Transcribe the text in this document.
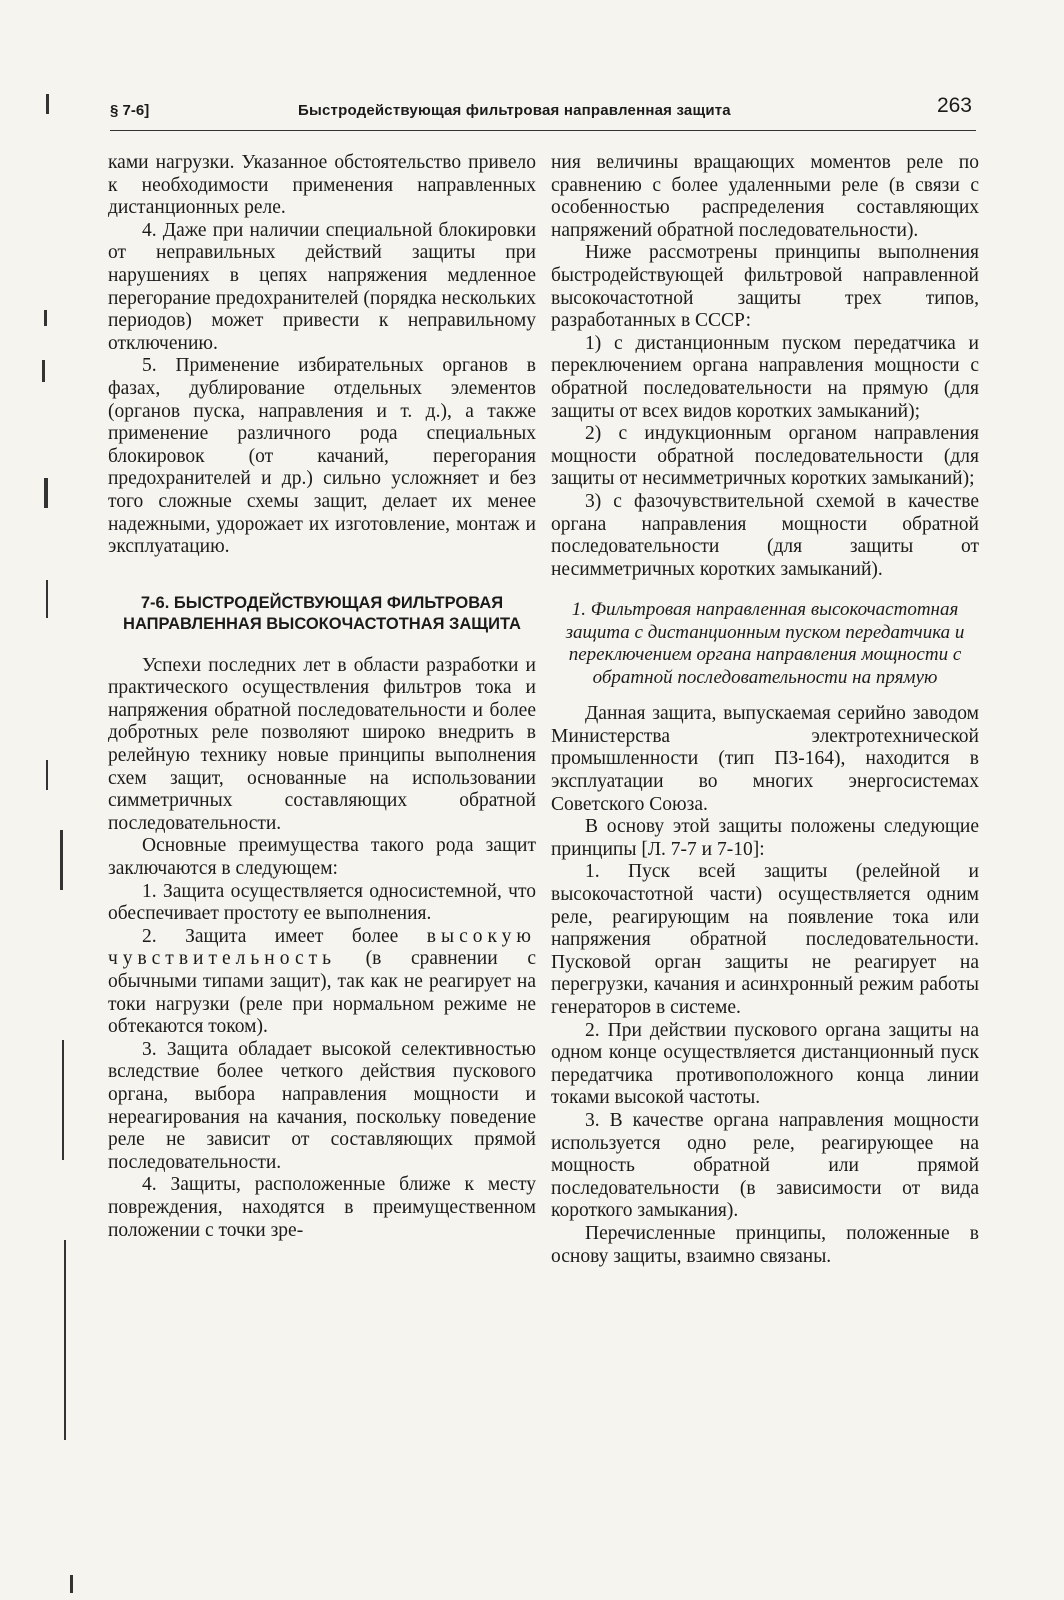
§ 7-6]	Быстродействующая фильтровая направленная защита	263

ками нагрузки. Указанное обстоятельство привело к необходимости применения направленных дистанционных реле.

4. Даже при наличии специальной блокировки от неправильных действий защиты при нарушениях в цепях напряжения медленное перегорание предохранителей (порядка нескольких периодов) может привести к неправильному отключению.

5. Применение избирательных органов в фазах, дублирование отдельных элементов (органов пуска, направления и т. д.), а также применение различного рода специальных блокировок (от качаний, перегорания предохранителей и др.) сильно усложняет и без того сложные схемы защит, делает их менее надежными, удорожает их изготовление, монтаж и эксплуатацию.

7-6. БЫСТРОДЕЙСТВУЮЩАЯ ФИЛЬТРОВАЯ НАПРАВЛЕННАЯ ВЫСОКОЧАСТОТНАЯ ЗАЩИТА

Успехи последних лет в области разработки и практического осуществления фильтров тока и напряжения обратной последовательности и более добротных реле позволяют широко внедрить в релейную технику новые принципы выполнения схем защит, основанные на использовании симметричных составляющих обратной последовательности.

Основные преимущества такого рода защит заключаются в следующем:

1. Защита осуществляется односистемной, что обеспечивает простоту ее выполнения.

2. Защита имеет более высокую чувствительность (в сравнении с обычными типами защит), так как не реагирует на токи нагрузки (реле при нормальном режиме не обтекаются током).

3. Защита обладает высокой селективностью вследствие более четкого действия пускового органа, выбора направления мощности и нереагирования на качания, поскольку поведение реле не зависит от составляющих прямой последовательности.

4. Защиты, расположенные ближе к месту повреждения, находятся в преимущественном положении с точки зре-

ния величины вращающих моментов реле по сравнению с более удаленными реле (в связи с особенностью распределения составляющих напряжений обратной последовательности).

Ниже рассмотрены принципы выполнения быстродействующей фильтровой направленной высокочастотной защиты трех типов, разработанных в СССР:

1) с дистанционным пуском передатчика и переключением органа направления мощности с обратной последовательности на прямую (для защиты от всех видов коротких замыканий);

2) с индукционным органом направления мощности обратной последовательности (для защиты от несимметричных коротких замыканий);

3) с фазочувствительной схемой в качестве органа направления мощности обратной последовательности (для защиты от несимметричных коротких замыканий).

1. Фильтровая направленная высокочастотная защита с дистанционным пуском передатчика и переключением органа направления мощности с обратной последовательности на прямую

Данная защита, выпускаемая серийно заводом Министерства электротехнической промышленности (тип ПЗ-164), находится в эксплуатации во многих энергосистемах Советского Союза.

В основу этой защиты положены следующие принципы [Л. 7-7 и 7-10]:

1. Пуск всей защиты (релейной и высокочастотной части) осуществляется одним реле, реагирующим на появление тока или напряжения обратной последовательности. Пусковой орган защиты не реагирует на перегрузки, качания и асинхронный режим работы генераторов в системе.

2. При действии пускового органа защиты на одном конце осуществляется дистанционный пуск передатчика противоположного конца линии токами высокой частоты.

3. В качестве органа направления мощности используется одно реле, реагирующее на мощность обратной или прямой последовательности (в зависимости от вида короткого замыкания).

Перечисленные принципы, положенные в основу защиты, взаимно связаны.
